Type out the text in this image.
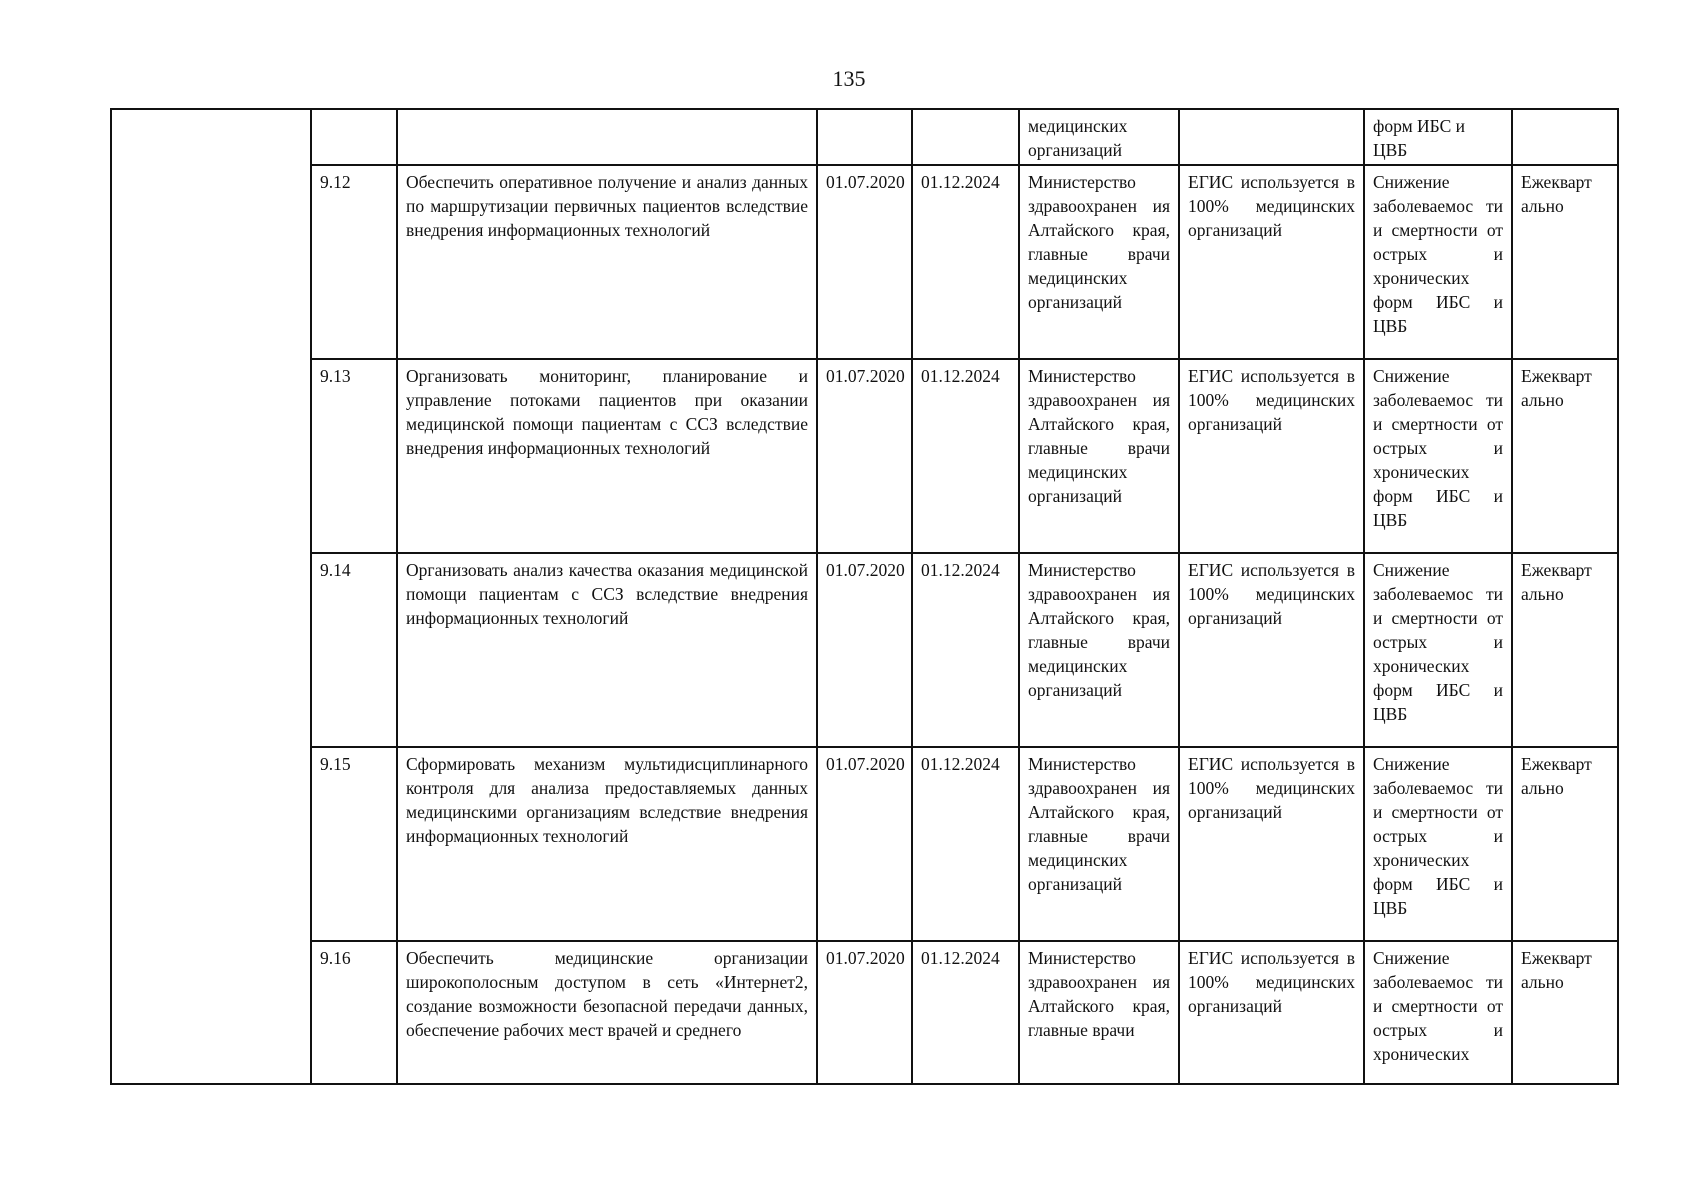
135
					медицинских организаций		форм ИБС и ЦВБ	
	9.12	Обеспечить оперативное получение и анализ данных по маршрутизации первичных пациентов вследствие внедрения информационных технологий	01.07.2020	01.12.2024	Министерство здравоохранен ия Алтайского края, главные врачи медицинских организаций	ЕГИС используется в 100% медицинских организаций	Снижение заболеваемос ти и смертности от острых и хронических форм ИБС и ЦВБ	Ежекварт ально
	9.13	Организовать мониторинг, планирование и управление потоками пациентов при оказании медицинской помощи пациентам с ССЗ вследствие внедрения информационных технологий	01.07.2020	01.12.2024	Министерство здравоохранен ия Алтайского края, главные врачи медицинских организаций	ЕГИС используется в 100% медицинских организаций	Снижение заболеваемос ти и смертности от острых и хронических форм ИБС и ЦВБ	Ежекварт ально
	9.14	Организовать анализ качества оказания медицинской помощи пациентам с ССЗ вследствие внедрения информационных технологий	01.07.2020	01.12.2024	Министерство здравоохранен ия Алтайского края, главные врачи медицинских организаций	ЕГИС используется в 100% медицинских организаций	Снижение заболеваемос ти и смертности от острых и хронических форм ИБС и ЦВБ	Ежекварт ально
	9.15	Сформировать механизм мультидисциплинарного контроля для анализа предоставляемых данных медицинскими организациям вследствие внедрения информационных технологий	01.07.2020	01.12.2024	Министерство здравоохранен ия Алтайского края, главные врачи медицинских организаций	ЕГИС используется в 100% медицинских организаций	Снижение заболеваемос ти и смертности от острых и хронических форм ИБС и ЦВБ	Ежекварт ально
	9.16	Обеспечить медицинские организации широкополосным доступом в сеть «Интернет2, создание возможности безопасной передачи данных, обеспечение рабочих мест врачей и среднего	01.07.2020	01.12.2024	Министерство здравоохранен ия Алтайского края, главные врачи	ЕГИС используется в 100% медицинских организаций	Снижение заболеваемос ти и смертности от острых и хронических	Ежекварт ально
